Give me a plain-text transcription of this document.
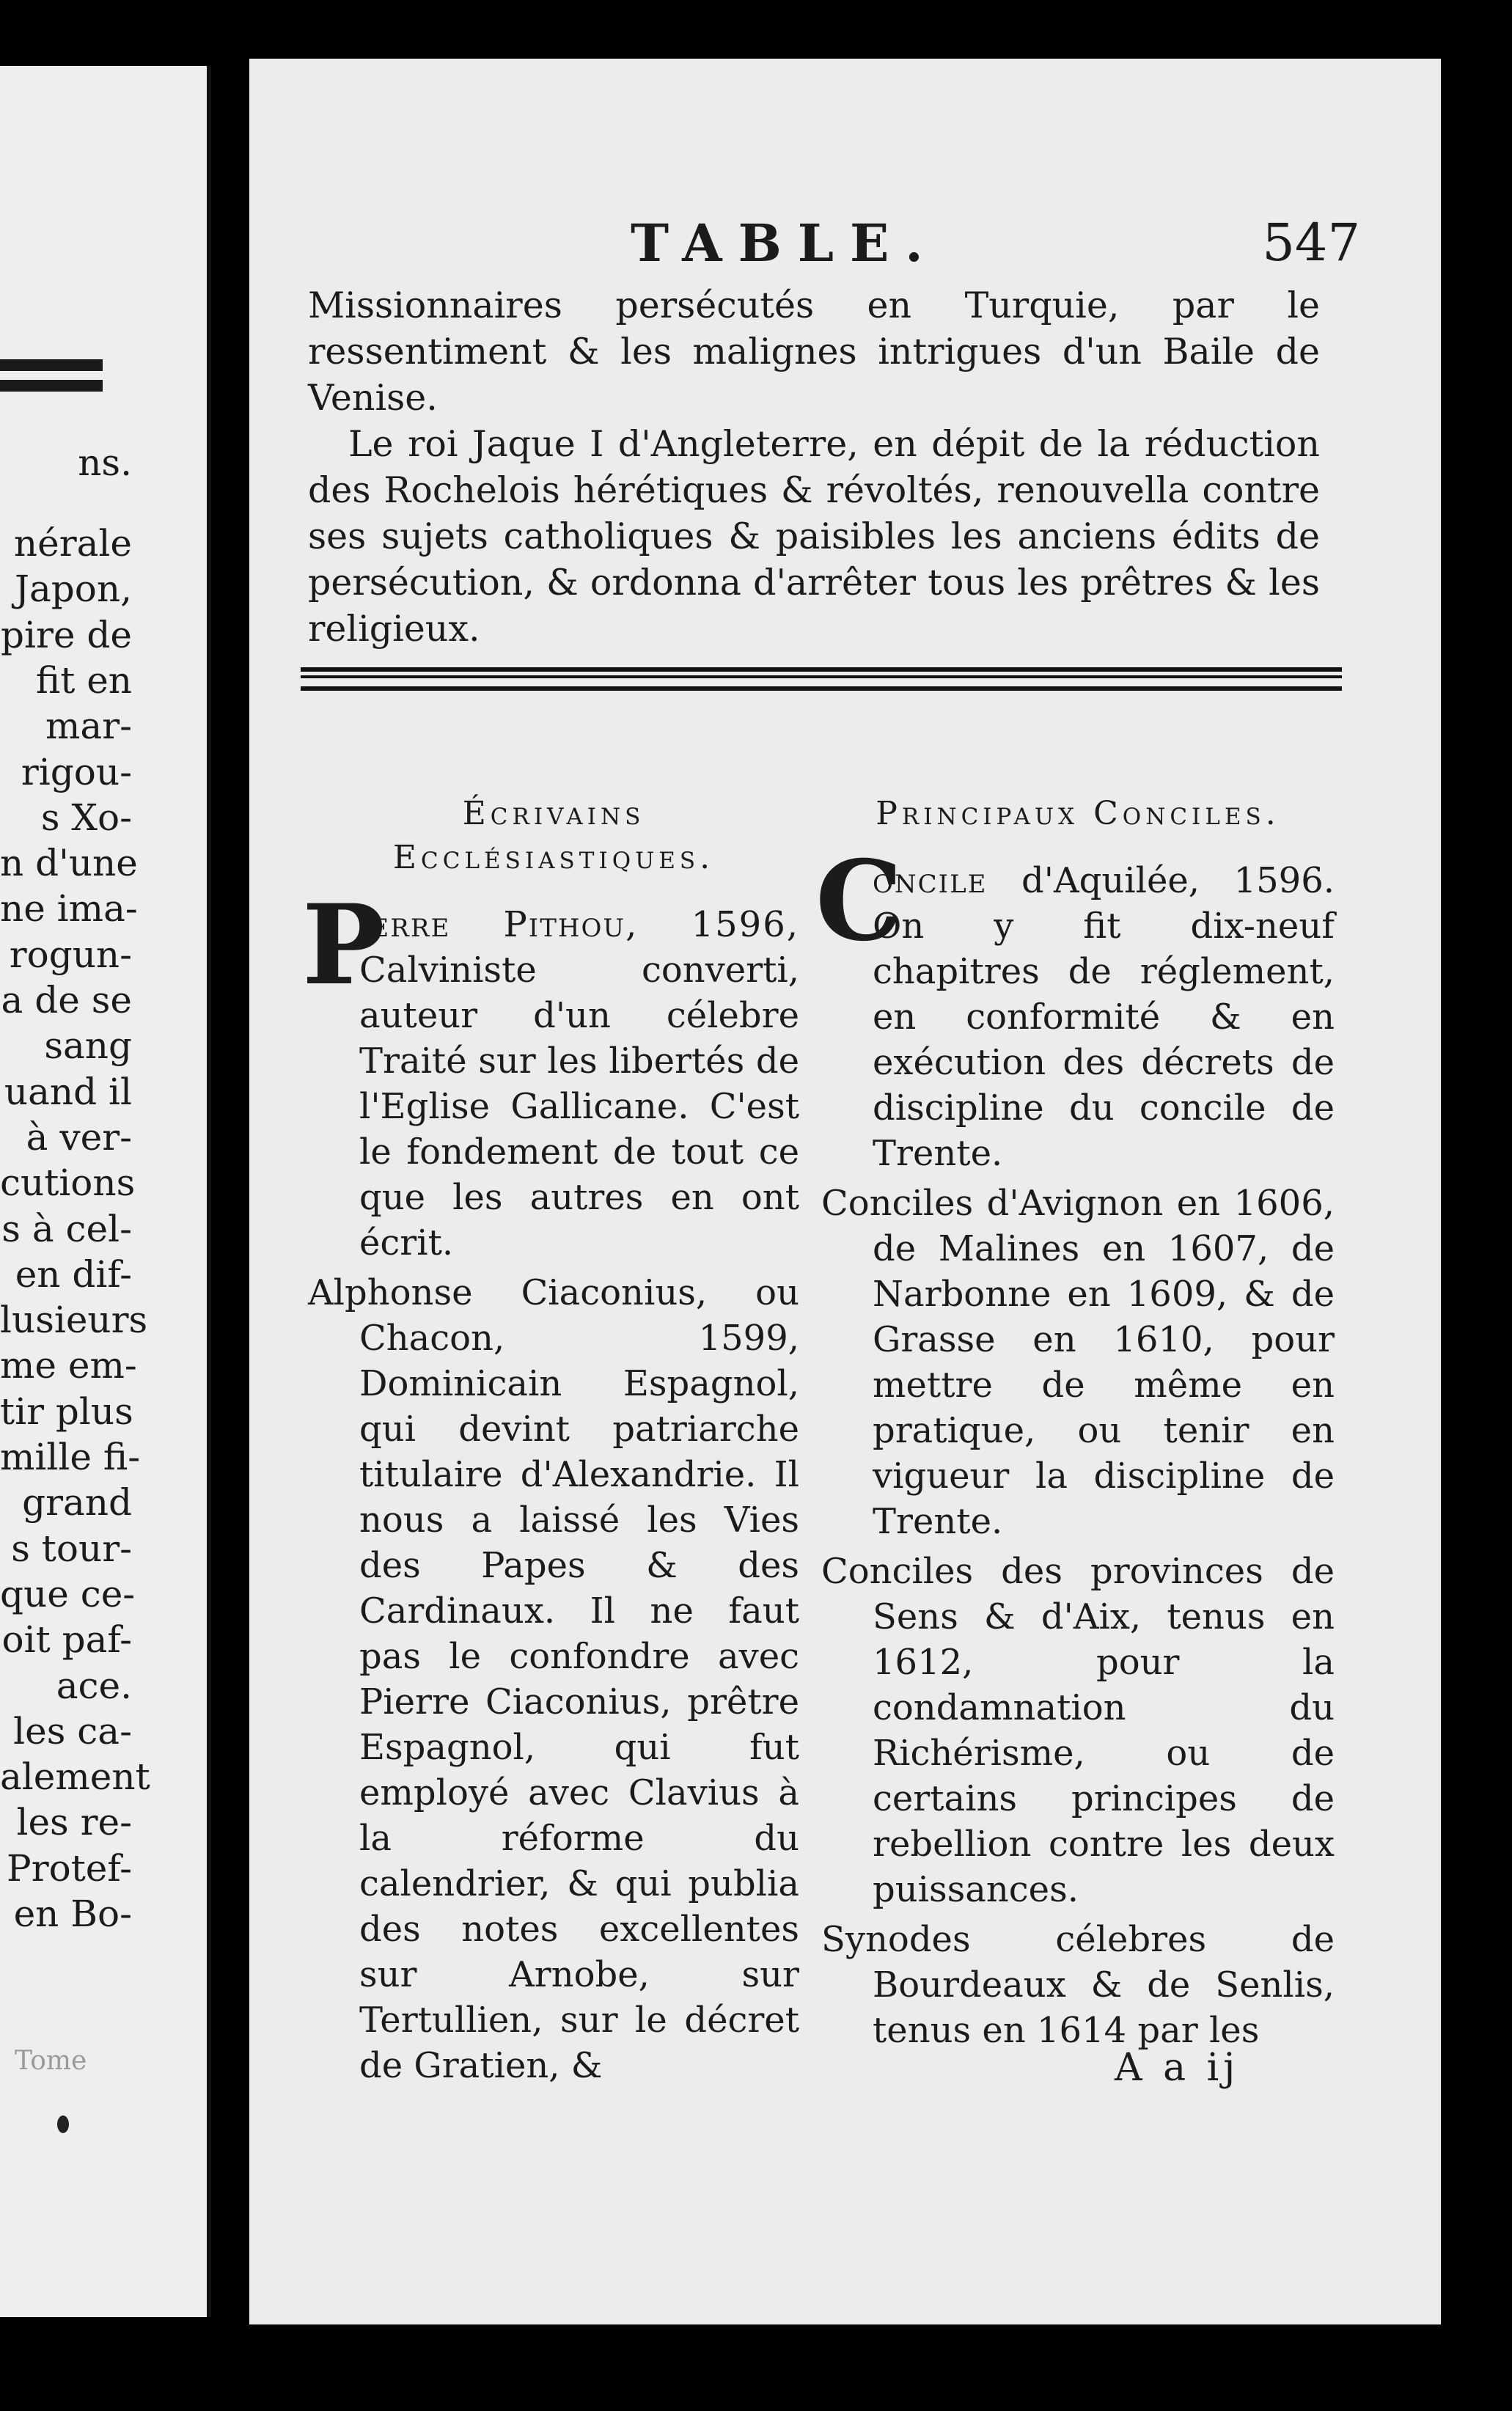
ns.
nérale
Japon,
pire de
fit en
mar-
rigou-
s Xo-
n d'une
ne ima-
rogun-
a de se
sang
uand il
à ver-
cutions
s à cel-
en dif-
lusieurs
me em-
tir plus
mille fi-
grand
s tour-
que ce-
oit paf-
ace.
les ca-
alement
les re-
Protef-
en Bo-
Tome
TABLE.	547

Missionnaires persécutés en Turquie, par le ressentiment & les malignes intrigues d'un Baile de Venise.

Le roi Jaque I d'Angleterre, en dépit de la réduction des Rochelois hérétiques & révoltés, renouvella contre ses sujets catholiques & paisibles les anciens édits de persécution, & ordonna d'arrêter tous les prêtres & les religieux.

Écrivains Ecclésiastiques.
P
ierre Pithou, 1596, Calviniste converti, auteur d'un célebre Traité sur les libertés de l'Eglise Gallicane. C'est le fondement de tout ce que les autres en ont écrit.
Alphonse Ciaconius, ou Chacon, 1599, Dominicain Espagnol, qui devint patriarche titulaire d'Alexandrie. Il nous a laissé les Vies des Papes & des Cardinaux. Il ne faut pas le confondre avec Pierre Ciaconius, prêtre Espagnol, qui fut employé avec Clavius à la réforme du calendrier, & qui publia des notes excellentes sur Arnobe, sur Tertullien, sur le décret de Gratien, &
Principaux Conciles.
C
oncile d'Aquilée, 1596. On y fit dix-neuf chapitres de réglement, en conformité & en exécution des décrets de discipline du concile de Trente.
Conciles d'Avignon en 1606, de Malines en 1607, de Narbonne en 1609, & de Grasse en 1610, pour mettre de même en pratique, ou tenir en vigueur la discipline de Trente.
Conciles des provinces de Sens & d'Aix, tenus en 1612, pour la condamnation du Richérisme, ou de certains principes de rebellion contre les deux puissances.
Synodes célebres de Bourdeaux & de Senlis, tenus en 1614 par les
A a ij
